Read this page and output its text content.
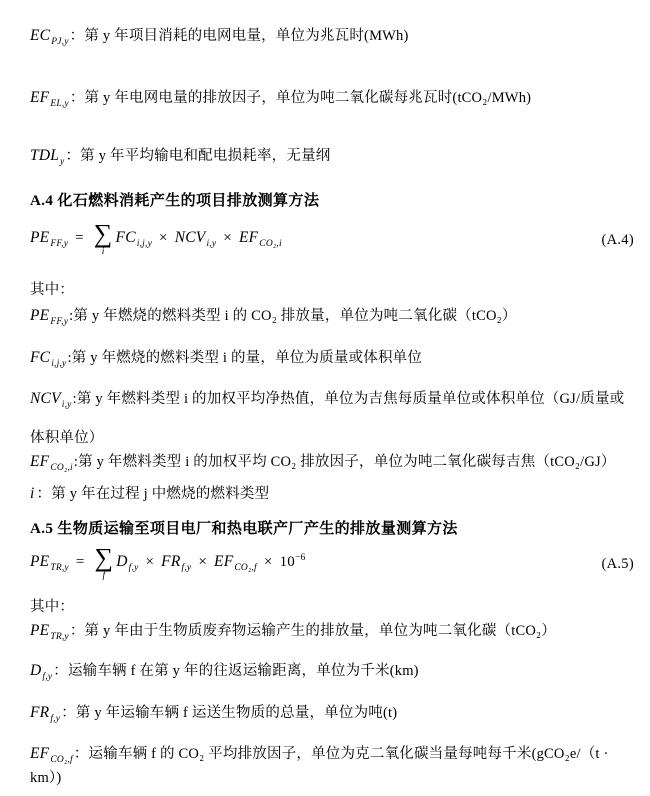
$EC_{PJ,y}$：第 y 年项目消耗的电网电量，单位为兆瓦时(MWh)
$EF_{EL,y}$：第 y 年电网电量的排放因子，单位为吨二氧化碳每兆瓦时(tCO₂/MWh)
$TDL_y$：第 y 年平均输电和配电损耗率，无量纲
A.4 化石燃料消耗产生的项目排放测算方法
$PE_{FF,y}$ = ∑
i
$FC_{i,j,y} \times NCV_{i,y} \times EF_{CO_2,i}$	(A.4)
其中：
$PE_{FF,y}$:第 y 年燃烧的燃料类型 i 的 CO₂ 排放量，单位为吨二氧化碳（tCO₂）
$FC_{i,j,y}$:第 y 年燃烧的燃料类型 i 的量，单位为质量或体积单位
$NCV_{i,y}$:第 y 年燃料类型 i 的加权平均净热值，单位为吉焦每质量单位或体积单位（GJ/质量或体积单位）
$EF_{CO_2,i}$:第 y 年燃料类型 i 的加权平均 CO₂ 排放因子，单位为吨二氧化碳每吉焦（tCO₂/GJ）
i ：第 y 年在过程 j 中燃烧的燃料类型
A.5 生物质运输至项目电厂和热电联产厂产生的排放量测算方法
$PE_{TR,y}$ = ∑
f
$D_{f,y} \times FR_{f,y} \times EF_{CO_2,f} \times 10^{-6}$	(A.5)
其中：
$PE_{TR,y}$：第 y 年由于生物质废弃物运输产生的排放量，单位为吨二氧化碳（tCO₂）
$D_{f,y}$：运输车辆 f 在第 y 年的往返运输距离，单位为千米(km)
$FR_{f,y}$：第 y 年运输车辆 f 运送生物质的总量，单位为吨(t)
$EF_{CO_2,f}$：运输车辆 f 的 CO₂ 平均排放因子，单位为克二氧化碳当量每吨每千米(gCO₂e/（t · km）)
